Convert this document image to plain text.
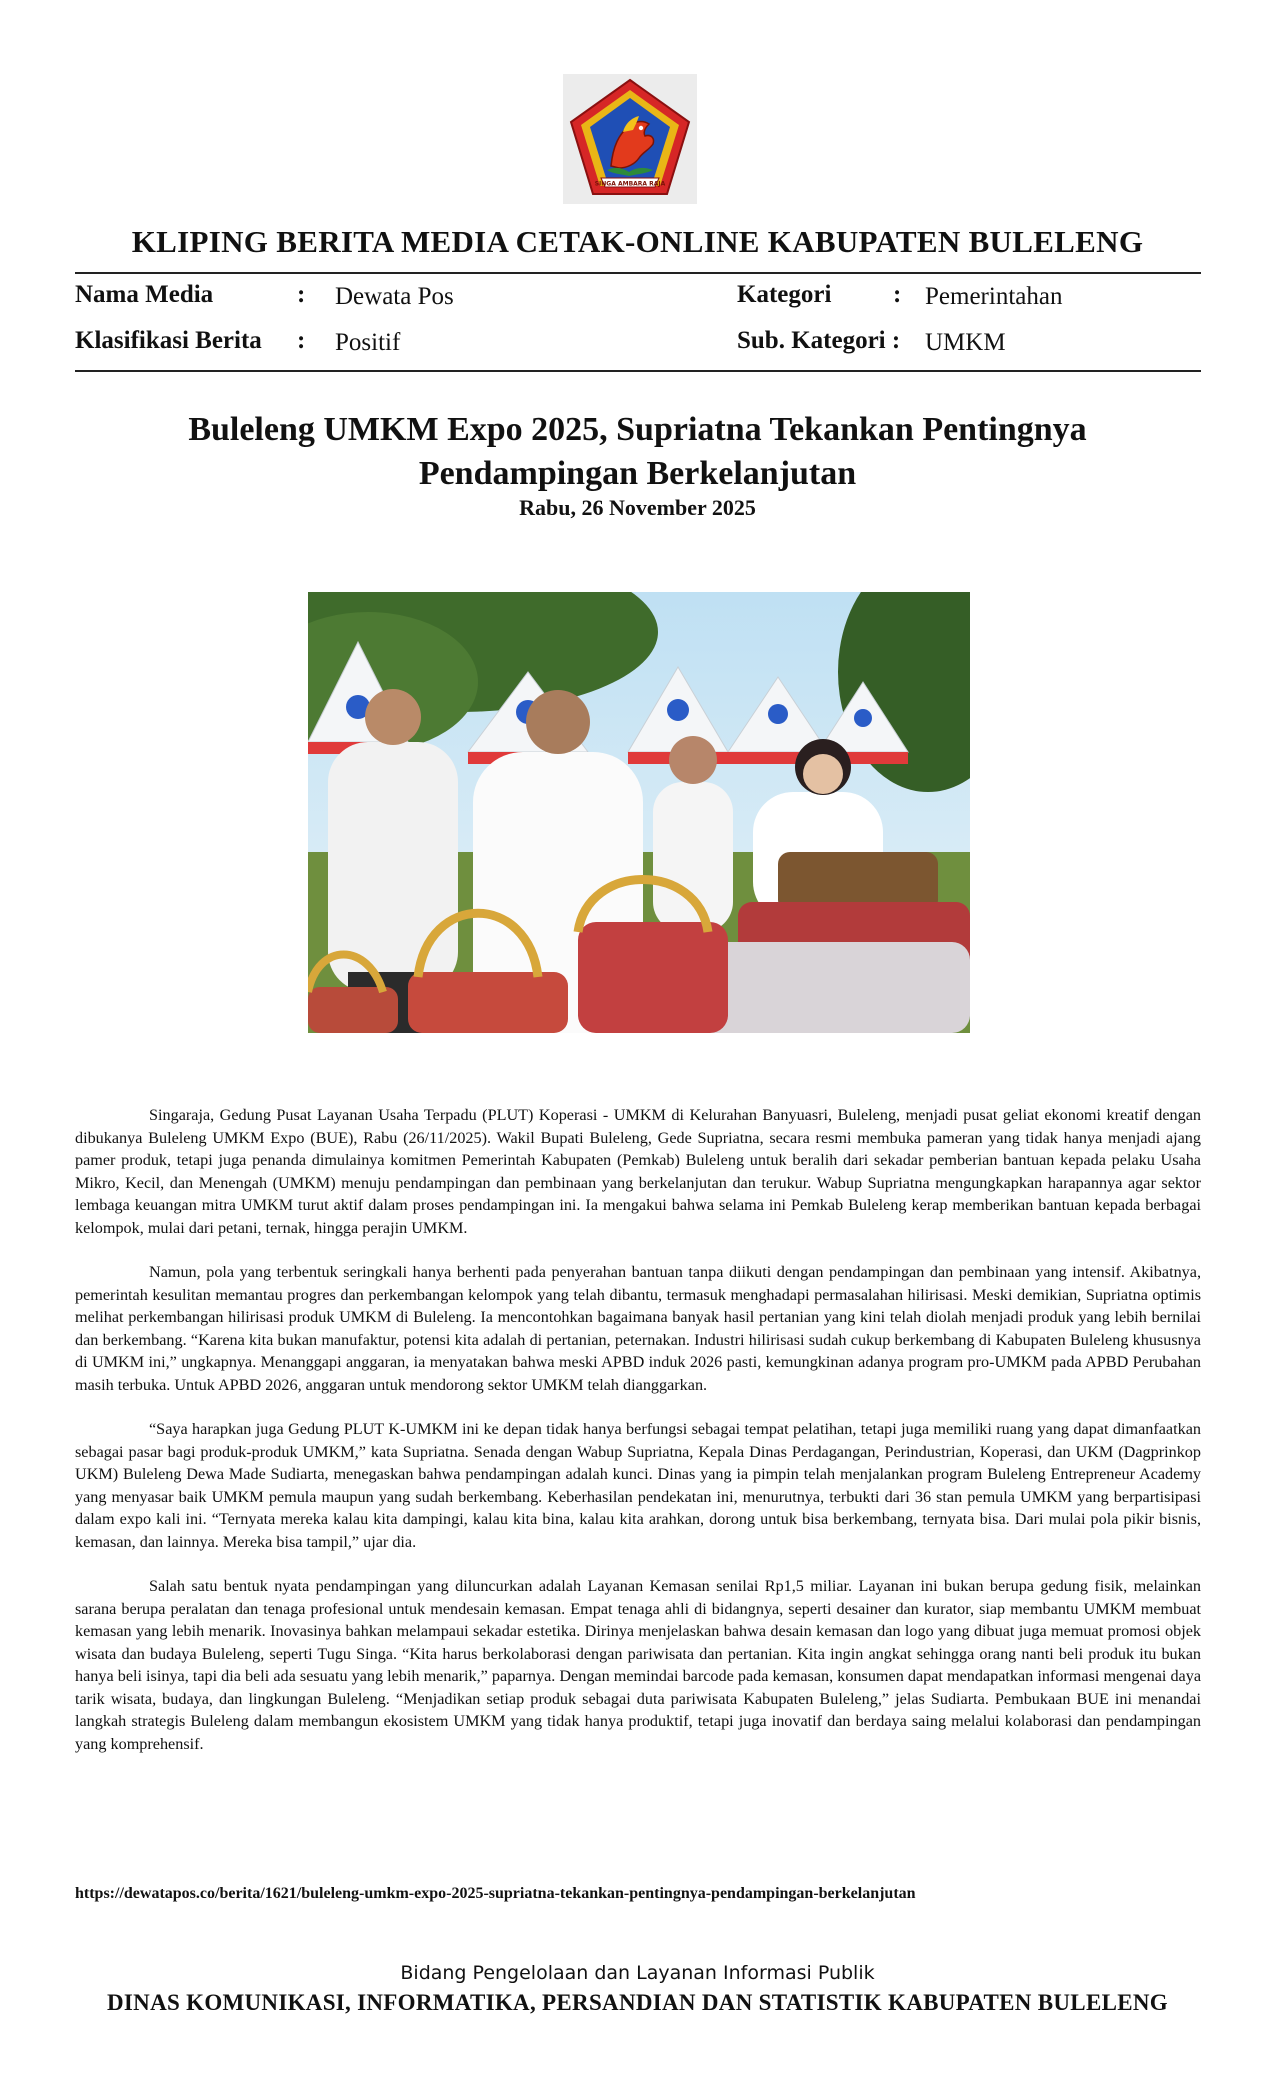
SINGA AMBARA RAJA
KLIPING BERITA MEDIA CETAK-ONLINE KABUPATEN BULELENG
Nama Media	: Dewata Pos	Kategori : Pemerintahan
Klasifikasi Berita : Positif	Sub. Kategori : UMKM
Buleleng UMKM Expo 2025, Supriatna Tekankan Pentingnya Pendampingan Berkelanjutan
Rabu, 26 November 2025

Singaraja, Gedung Pusat Layanan Usaha Terpadu (PLUT) Koperasi - UMKM di Kelurahan Banyuasri, Buleleng, menjadi pusat geliat ekonomi kreatif dengan dibukanya Buleleng UMKM Expo (BUE), Rabu (26/11/2025). Wakil Bupati Buleleng, Gede Supriatna, secara resmi membuka pameran yang tidak hanya menjadi ajang pamer produk, tetapi juga penanda dimulainya komitmen Pemerintah Kabupaten (Pemkab) Buleleng untuk beralih dari sekadar pemberian bantuan kepada pelaku Usaha Mikro, Kecil, dan Menengah (UMKM) menuju pendampingan dan pembinaan yang berkelanjutan dan terukur. Wabup Supriatna mengungkapkan harapannya agar sektor lembaga keuangan mitra UMKM turut aktif dalam proses pendampingan ini. Ia mengakui bahwa selama ini Pemkab Buleleng kerap memberikan bantuan kepada berbagai kelompok, mulai dari petani, ternak, hingga perajin UMKM.

Namun, pola yang terbentuk seringkali hanya berhenti pada penyerahan bantuan tanpa diikuti dengan pendampingan dan pembinaan yang intensif. Akibatnya, pemerintah kesulitan memantau progres dan perkembangan kelompok yang telah dibantu, termasuk menghadapi permasalahan hilirisasi. Meski demikian, Supriatna optimis melihat perkembangan hilirisasi produk UMKM di Buleleng. Ia mencontohkan bagaimana banyak hasil pertanian yang kini telah diolah menjadi produk yang lebih bernilai dan berkembang. “Karena kita bukan manufaktur, potensi kita adalah di pertanian, peternakan. Industri hilirisasi sudah cukup berkembang di Kabupaten Buleleng khususnya di UMKM ini,” ungkapnya. Menanggapi anggaran, ia menyatakan bahwa meski APBD induk 2026 pasti, kemungkinan adanya program pro-UMKM pada APBD Perubahan masih terbuka. Untuk APBD 2026, anggaran untuk mendorong sektor UMKM telah dianggarkan.

“Saya harapkan juga Gedung PLUT K-UMKM ini ke depan tidak hanya berfungsi sebagai tempat pelatihan, tetapi juga memiliki ruang yang dapat dimanfaatkan sebagai pasar bagi produk-produk UMKM,” kata Supriatna. Senada dengan Wabup Supriatna, Kepala Dinas Perdagangan, Perindustrian, Koperasi, dan UKM (Dagprinkop UKM) Buleleng Dewa Made Sudiarta, menegaskan bahwa pendampingan adalah kunci. Dinas yang ia pimpin telah menjalankan program Buleleng Entrepreneur Academy yang menyasar baik UMKM pemula maupun yang sudah berkembang. Keberhasilan pendekatan ini, menurutnya, terbukti dari 36 stan pemula UMKM yang berpartisipasi dalam expo kali ini. “Ternyata mereka kalau kita dampingi, kalau kita bina, kalau kita arahkan, dorong untuk bisa berkembang, ternyata bisa. Dari mulai pola pikir bisnis, kemasan, dan lainnya. Mereka bisa tampil,” ujar dia.

Salah satu bentuk nyata pendampingan yang diluncurkan adalah Layanan Kemasan senilai Rp1,5 miliar. Layanan ini bukan berupa gedung fisik, melainkan sarana berupa peralatan dan tenaga profesional untuk mendesain kemasan. Empat tenaga ahli di bidangnya, seperti desainer dan kurator, siap membantu UMKM membuat kemasan yang lebih menarik. Inovasinya bahkan melampaui sekadar estetika. Dirinya menjelaskan bahwa desain kemasan dan logo yang dibuat juga memuat promosi objek wisata dan budaya Buleleng, seperti Tugu Singa. “Kita harus berkolaborasi dengan pariwisata dan pertanian. Kita ingin angkat sehingga orang nanti beli produk itu bukan hanya beli isinya, tapi dia beli ada sesuatu yang lebih menarik,” paparnya. Dengan memindai barcode pada kemasan, konsumen dapat mendapatkan informasi mengenai daya tarik wisata, budaya, dan lingkungan Buleleng. “Menjadikan setiap produk sebagai duta pariwisata Kabupaten Buleleng,” jelas Sudiarta. Pembukaan BUE ini menandai langkah strategis Buleleng dalam membangun ekosistem UMKM yang tidak hanya produktif, tetapi juga inovatif dan berdaya saing melalui kolaborasi dan pendampingan yang komprehensif.

https://dewatapos.co/berita/1621/buleleng-umkm-expo-2025-supriatna-tekankan-pentingnya-pendampingan-berkelanjutan
Bidang Pengelolaan dan Layanan Informasi Publik
DINAS KOMUNIKASI, INFORMATIKA, PERSANDIAN DAN STATISTIK KABUPATEN BULELENG
